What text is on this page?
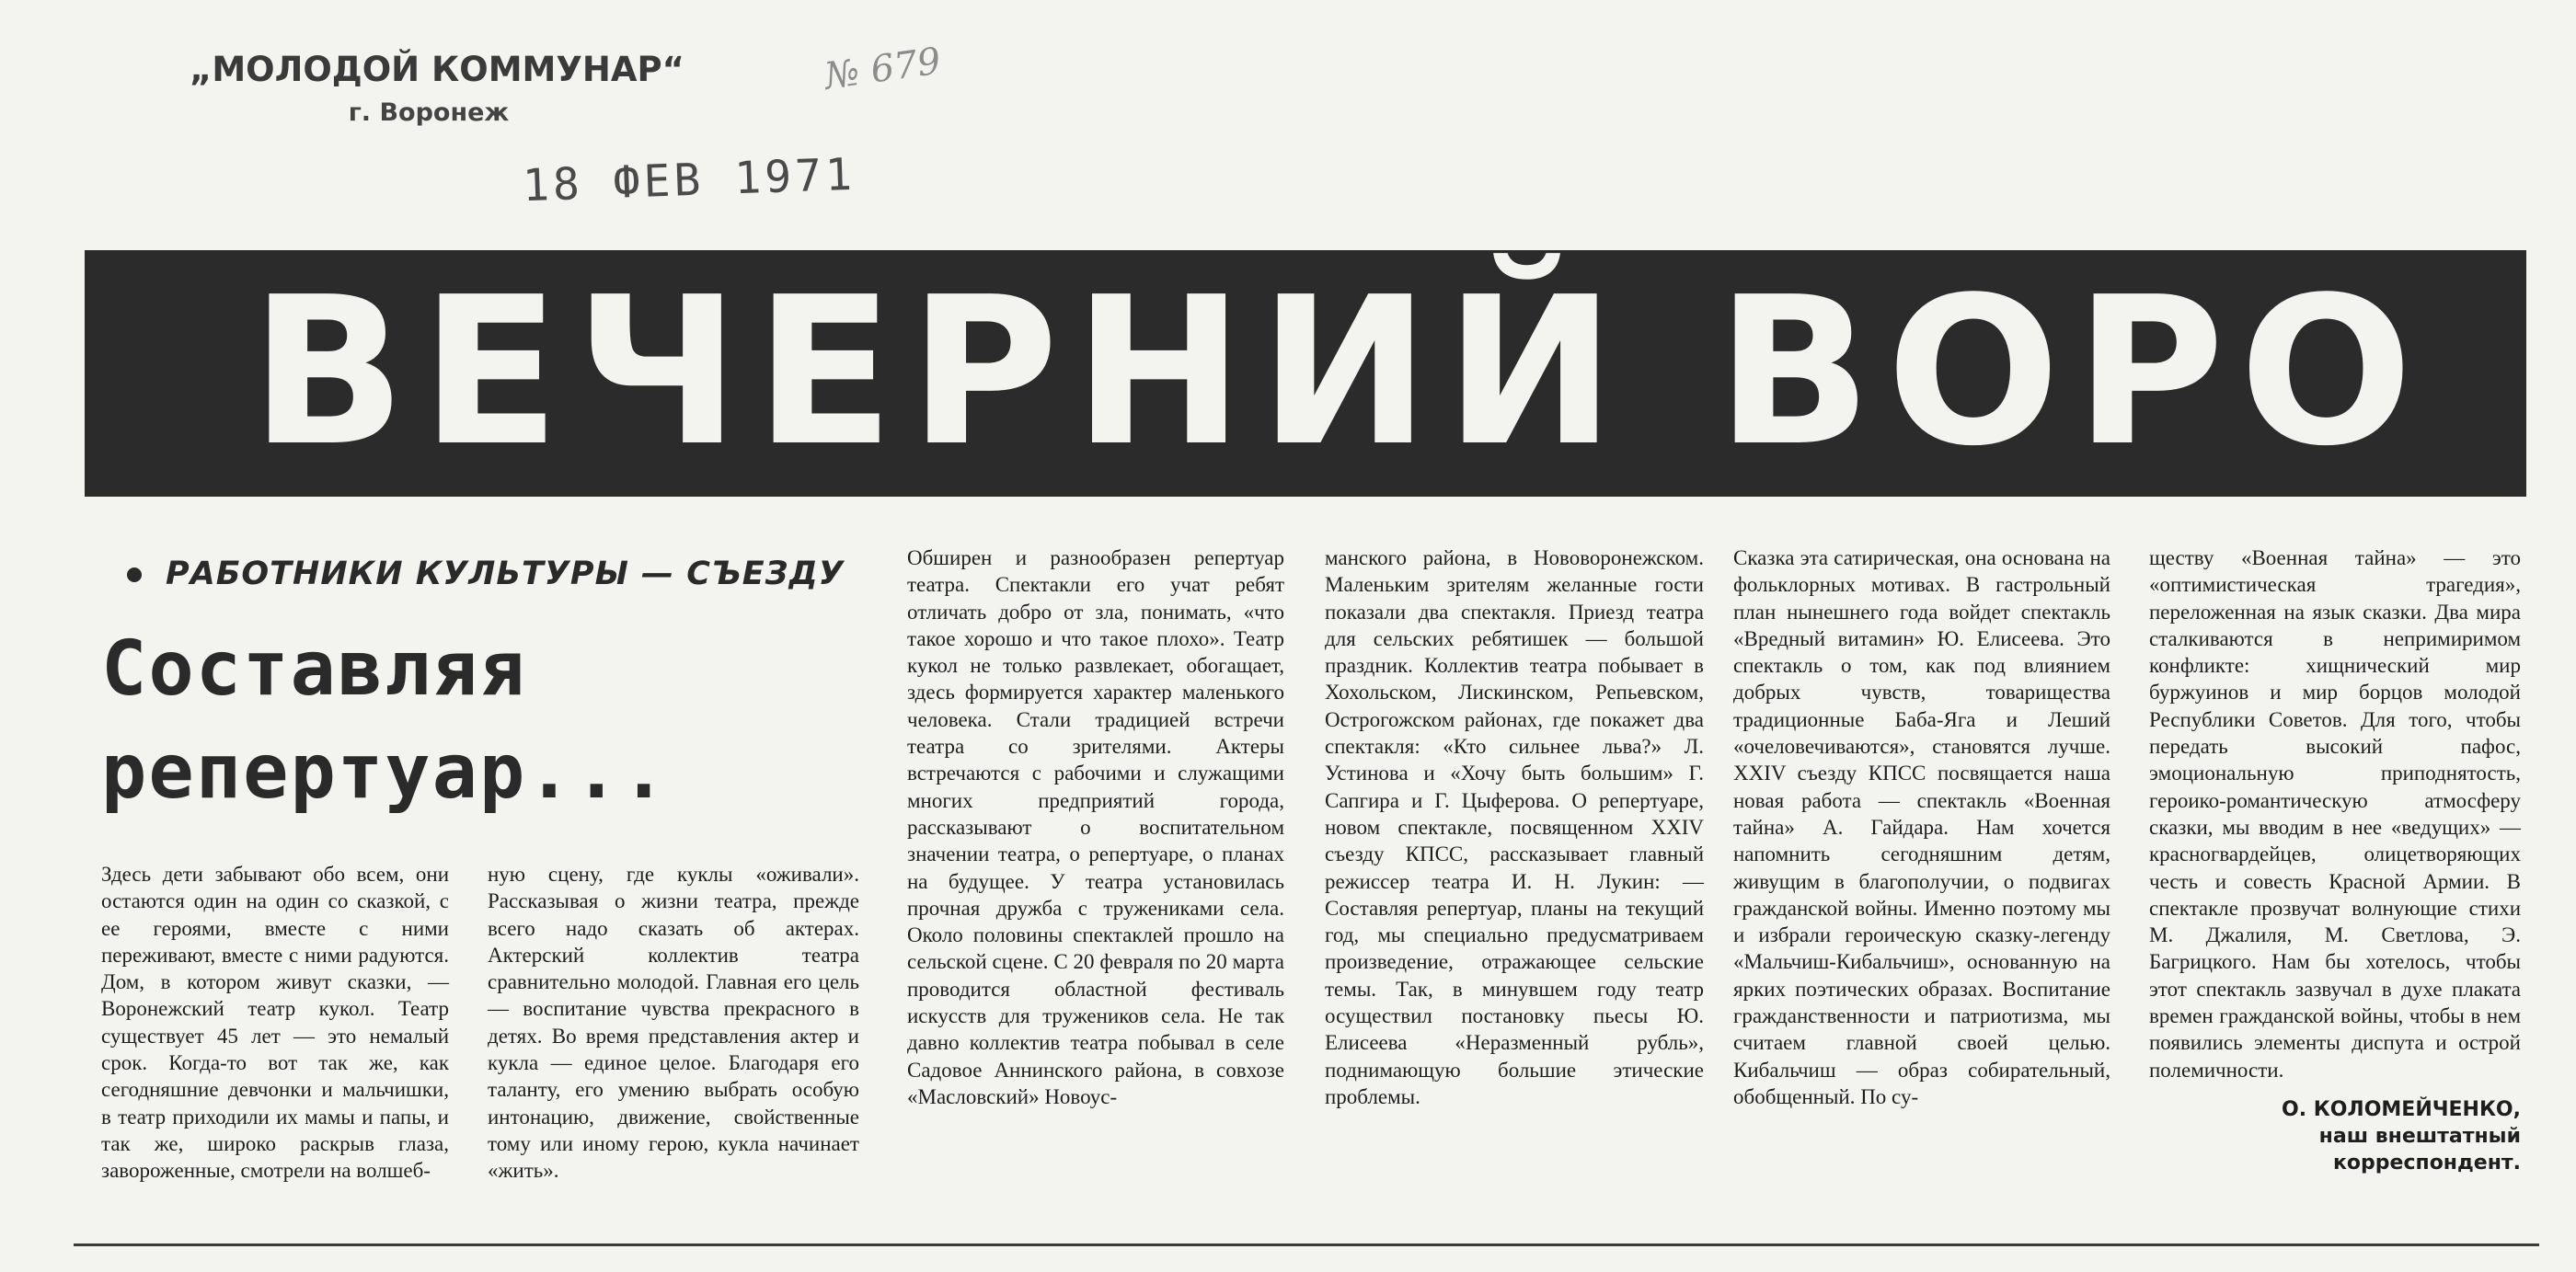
„МОЛОДОЙ КОММУНАР“
г. Воронеж
№ 679
18 ФЕВ 1971
ВЕЧЕРНИЙ ВОРО
РАБОТНИКИ КУЛЬТУРЫ — СЪЕЗДУ
Составляя репертуар...

Здесь дети забывают обо всем, они остаются один на один со сказкой, с ее героями, вместе с ними переживают, вместе с ними радуются. Дом, в котором живут сказки, — Воронежский театр кукол. Театр существует 45 лет — это немалый срок. Когда-то вот так же, как сегодняшние девчонки и мальчишки, в театр приходили их мамы и папы, и так же, широко раскрыв глаза, завороженные, смотрели на волшеб-

ную сцену, где куклы «оживали». Рассказывая о жизни театра, прежде всего надо сказать об актерах. Актерский коллектив театра сравнительно молодой. Главная его цель — воспитание чувства прекрасного в детях. Во время представления актер и кукла — единое целое. Благодаря его таланту, его умению выбрать особую интонацию, движение, свойственные тому или иному герою, кукла начинает «жить».

Обширен и разнообразен репертуар театра. Спектакли его учат ребят отличать добро от зла, понимать, «что такое хорошо и что такое плохо». Театр кукол не только развлекает, обогащает, здесь формируется характер маленького человека. Стали традицией встречи театра со зрителями. Актеры встречаются с рабочими и служащими многих предприятий города, рассказывают о воспитательном значении театра, о репертуаре, о планах на будущее. У театра установилась прочная дружба с тружениками села. Около половины спектаклей прошло на сельской сцене. С 20 февраля по 20 марта проводится областной фестиваль искусств для тружеников села. Не так давно коллектив театра побывал в селе Садовое Аннинского района, в совхозе «Масловский» Новоус-

манского района, в Нововоронежском. Маленьким зрителям желанные гости показали два спектакля. Приезд театра для сельских ребятишек — большой праздник. Коллектив театра побывает в Хохольском, Лискинском, Репьевском, Острогожском районах, где покажет два спектакля: «Кто сильнее льва?» Л. Устинова и «Хочу быть большим» Г. Сапгира и Г. Цыферова. О репертуаре, новом спектакле, посвященном XXIV съезду КПСС, рассказывает главный режиссер театра И. Н. Лукин: — Составляя репертуар, планы на текущий год, мы специально предусматриваем произведение, отражающее сельские темы. Так, в минувшем году театр осуществил постановку пьесы Ю. Елисеева «Неразменный рубль», поднимающую большие этические проблемы.

Сказка эта сатирическая, она основана на фольклорных мотивах. В гастрольный план нынешнего года войдет спектакль «Вредный витамин» Ю. Елисеева. Это спектакль о том, как под влиянием добрых чувств, товарищества традиционные Баба-Яга и Леший «очеловечиваются», становятся лучше. XXIV съезду КПСС посвящается наша новая работа — спектакль «Военная тайна» А. Гайдара. Нам хочется напомнить сегодняшним детям, живущим в благополучии, о подвигах гражданской войны. Именно поэтому мы и избрали героическую сказку-легенду «Мальчиш-Кибальчиш», основанную на ярких поэтических образах. Воспитание гражданственности и патриотизма, мы считаем главной своей целью. Кибальчиш — образ собирательный, обобщенный. По су-

ществу «Военная тайна» — это «оптимистическая трагедия», переложенная на язык сказки. Два мира сталкиваются в непримиримом конфликте: хищнический мир буржуинов и мир борцов молодой Республики Советов. Для того, чтобы передать высокий пафос, эмоциональную приподнятость, героико-романтическую атмосферу сказки, мы вводим в нее «ведущих» — красногвардейцев, олицетворяющих честь и совесть Красной Армии. В спектакле прозвучат волнующие стихи М. Джалиля, М. Светлова, Э. Багрицкого. Нам бы хотелось, чтобы этот спектакль зазвучал в духе плаката времен гражданской войны, чтобы в нем появились элементы диспута и острой полемичности.
О. КОЛОМЕЙЧЕНКО,
наш внештатный
корреспондент.
